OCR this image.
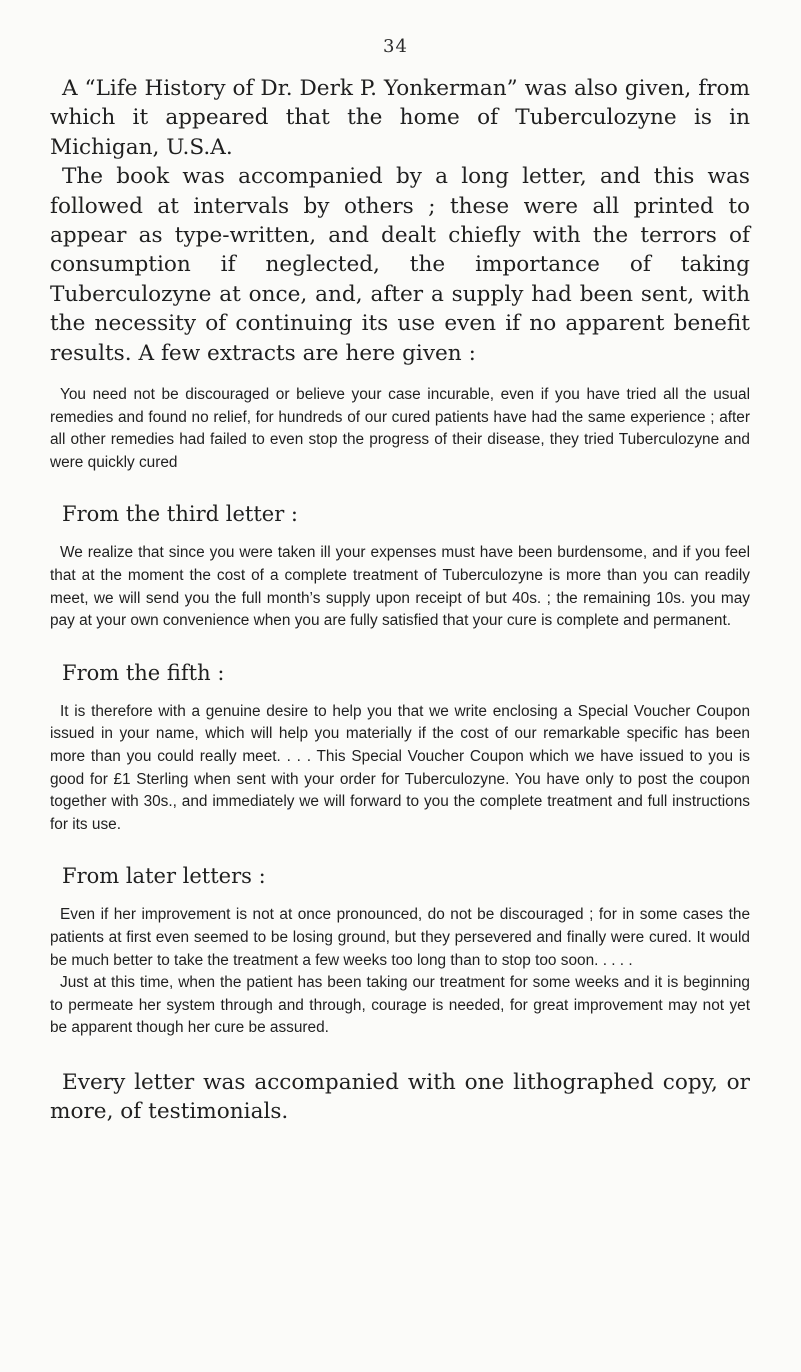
34

A “Life History of Dr. Derk P. Yonkerman” was also given, from which it appeared that the home of Tuberculozyne is in Michigan, U.S.A.

The book was accompanied by a long letter, and this was followed at intervals by others ; these were all printed to appear as type-written, and dealt chiefly with the terrors of consumption if neglected, the importance of taking Tuberculozyne at once, and, after a supply had been sent, with the necessity of continuing its use even if no apparent benefit results. A few extracts are here given :

You need not be discouraged or believe your case incurable, even if you have tried all the usual remedies and found no relief, for hundreds of our cured patients have had the same experience ; after all other remedies had failed to even stop the progress of their disease, they tried Tuberculozyne and were quickly cured

From the third letter :

We realize that since you were taken ill your expenses must have been burdensome, and if you feel that at the moment the cost of a complete treatment of Tuberculozyne is more than you can readily meet, we will send you the full month’s supply upon receipt of but 40s. ; the remaining 10s. you may pay at your own convenience when you are fully satisfied that your cure is complete and permanent.

From the fifth :

It is therefore with a genuine desire to help you that we write enclosing a Special Voucher Coupon issued in your name, which will help you materially if the cost of our remarkable specific has been more than you could really meet. . . . This Special Voucher Coupon which we have issued to you is good for £1 Sterling when sent with your order for Tuberculozyne. You have only to post the coupon together with 30s., and immediately we will forward to you the complete treatment and full instructions for its use.

From later letters :

Even if her improvement is not at once pronounced, do not be discouraged ; for in some cases the patients at first even seemed to be losing ground, but they persevered and finally were cured. It would be much better to take the treatment a few weeks too long than to stop too soon. . . . .

Just at this time, when the patient has been taking our treatment for some weeks and it is beginning to permeate her system through and through, courage is needed, for great improvement may not yet be apparent though her cure be assured.

Every letter was accompanied with one lithographed copy, or more, of testimonials.
